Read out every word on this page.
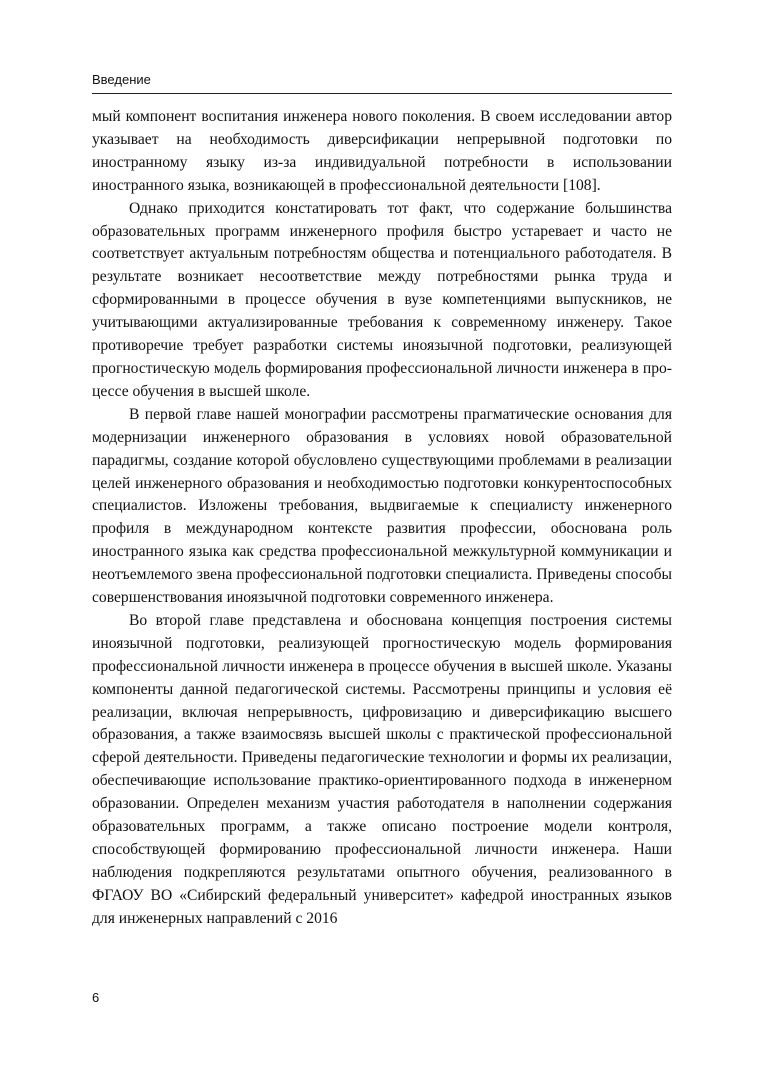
Введение

мый компонент воспитания инженера нового поколения. В своем исследовании автор указывает на необходимость диверсификации непрерывной подготовки по иностранному языку из-за индивидуальной потребности в использовании иностранного языка, возникающей в профессиональной деятельности [108].

Однако приходится констатировать тот факт, что содержание большинства образовательных программ инженерного профиля быстро устаревает и часто не соответствует актуальным потребностям общества и потенциального работодателя. В результате возникает несоответствие между потребностями рынка труда и сформированными в процессе обучения в вузе компетенциями выпускников, не учитывающими актуализированные требования к современному инженеру. Такое противоречие требует разработки системы иноязычной подготовки, реализующей прогностическую модель формирования профессиональной личности инженера в процессе обучения в высшей школе.

В первой главе нашей монографии рассмотрены прагматические основания для модернизации инженерного образования в условиях новой образовательной парадигмы, создание которой обусловлено существующими проблемами в реализации целей инженерного образования и необходимостью подготовки конкурентоспособных специалистов. Изложены требования, выдвигаемые к специалисту инженерного профиля в международном контексте развития профессии, обоснована роль иностранного языка как средства профессиональной межкультурной коммуникации и неотъемлемого звена профессиональной подготовки специалиста. Приведены способы совершенствования иноязычной подготовки современного инженера.

Во второй главе представлена и обоснована концепция построения системы иноязычной подготовки, реализующей прогностическую модель формирования профессиональной личности инженера в процессе обучения в высшей школе. Указаны компоненты данной педагогической системы. Рассмотрены принципы и условия её реализации, включая непрерывность, цифровизацию и диверсификацию высшего образования, а также взаимосвязь высшей школы с практической профессиональной сферой деятельности. Приведены педагогические технологии и формы их реализации, обеспечивающие использование практико-ориентированного подхода в инженерном образовании. Определен механизм участия работодателя в наполнении содержания образовательных программ, а также описано построение модели контроля, способствующей формированию профессиональной личности инженера. Наши наблюдения подкрепляются результатами опытного обучения, реализованного в ФГАОУ ВО «Сибирский федеральный университет» кафедрой иностранных языков для инженерных направлений с 2016

6
